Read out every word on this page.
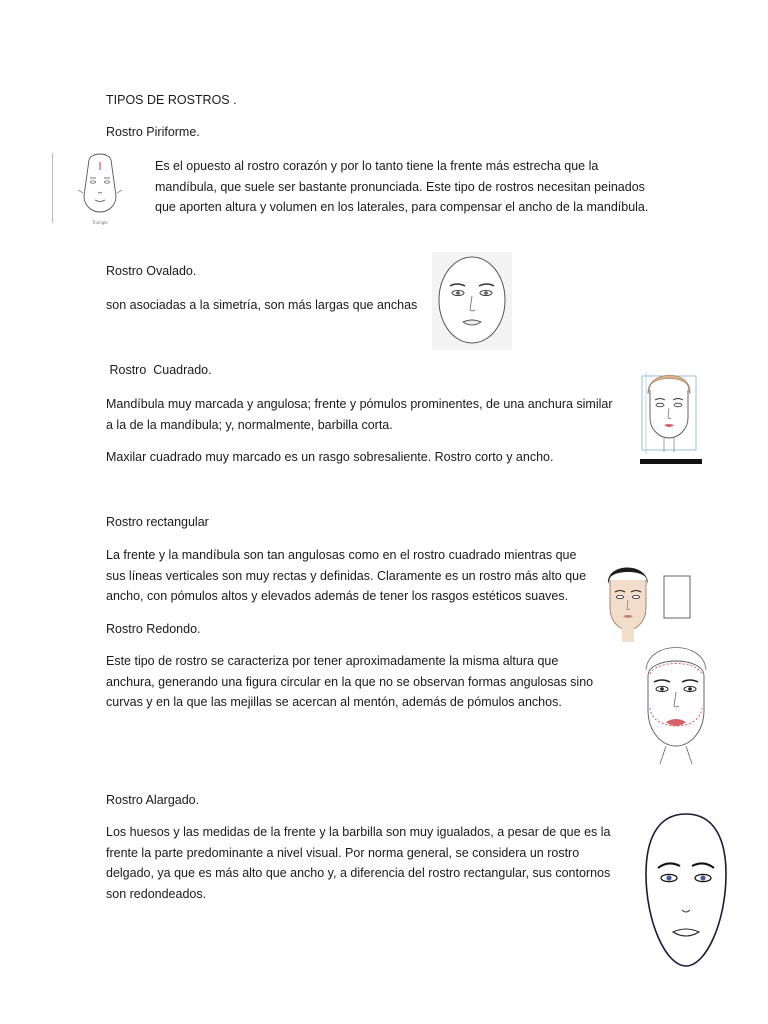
TIPOS DE ROSTROS .

Rostro Piriforme.

Es el opuesto al rostro corazón y por lo tanto tiene la frente más estrecha que la
mandíbula, que suele ser bastante pronunciada. Este tipo de rostros necesitan peinados
que aporten altura y volumen en los laterales, para compensar el ancho de la mandíbula.

Rostro Ovalado.

son asociadas a la simetría, son más largas que anchas

Rostro  Cuadrado.

Mandíbula muy marcada y angulosa; frente y pómulos prominentes, de una anchura similar
a la de la mandíbula; y, normalmente, barbilla corta.

Maxilar cuadrado muy marcado es un rasgo sobresaliente. Rostro corto y ancho.

Rostro rectangular

La frente y la mandíbula son tan angulosas como en el rostro cuadrado mientras que
sus líneas verticales son muy rectas y definidas. Claramente es un rostro más alto que
ancho, con pómulos altos y elevados además de tener los rasgos estéticos suaves.

Rostro Redondo.

Este tipo de rostro se caracteriza por tener aproximadamente la misma altura que
anchura, generando una figura circular en la que no se observan formas angulosas sino
curvas y en la que las mejillas se acercan al mentón, además de pómulos anchos.

Rostro Alargado.

Los huesos y las medidas de la frente y la barbilla son muy igualados, a pesar de que es la
frente la parte predominante a nivel visual. Por norma general, se considera un rostro
delgado, ya que es más alto que ancho y, a diferencia del rostro rectangular, sus contornos
son redondeados.
Triangle
